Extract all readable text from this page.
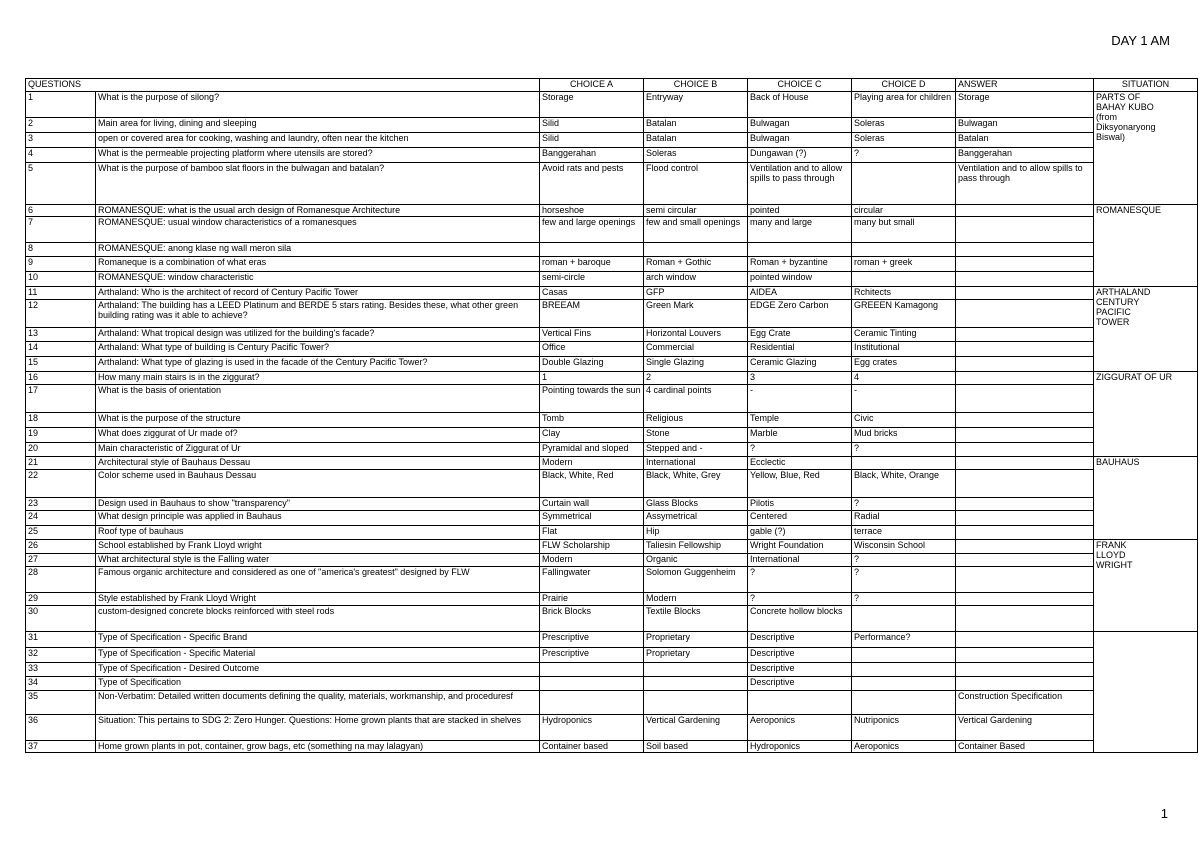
DAY 1 AM
QUESTIONS		CHOICE A	CHOICE B	CHOICE C	CHOICE D	ANSWER	SITUATION
1	What is the purpose of silong?	Storage	Entryway	Back of House	Playing area for children	Storage	PARTS OF
BAHAY KUBO
(from
Diksyonaryong
Biswal)

2	Main area for living, dining and sleeping	Silid	Batalan	Bulwagan	Soleras	Bulwagan	
3	open or covered area for cooking, washing and laundry, often near the kitchen	Silid	Batalan	Bulwagan	Soleras	Batalan	
4	What is the permeable projecting platform where utensils are stored?	Banggerahan	Soleras	Dungawan (?)	?	Banggerahan	
5	What is the purpose of bamboo slat floors in the bulwagan and batalan?	Avoid rats and pests	Flood control	Ventilation and to allow spills to pass through		Ventilation and to allow spills to pass through	
6	ROMANESQUE: what is the usual arch design of Romanesque Architecture	horseshoe	semi circular	pointed	circular		ROMANESQUE

7	ROMANESQUE: usual window characteristics of a romanesques	few and large openings	few and small openings	many and large	many but small		
8	ROMANESQUE: anong klase ng wall meron sila						
9	Romaneque is a combination of what eras	roman + baroque	Roman + Gothic	Roman + byzantine	roman + greek		
10	ROMANESQUE: window characteristic	semi-circle	arch window	pointed window			
11	Arthaland: Who is the architect of record of Century Pacific Tower	Casas	GFP	AIDEA	Rchitects		ARTHALAND
CENTURY
PACIFIC
TOWER

12	Arthaland: The building has a LEED Platinum and BERDE 5 stars rating. Besides these, what other green building rating was it able to achieve?	BREEAM	Green Mark	EDGE Zero Carbon	GREEEN Kamagong		
13	Arthaland: What tropical design was utilized for the building's facade?	Vertical Fins	Horizontal Louvers	Egg Crate	Ceramic Tinting		
14	Arthaland: What type of building is Century Pacific Tower?	Office	Commercial	Residential	Institutional		
15	Arthaland: What type of glazing is used in the facade of the Century Pacific Tower?	Double Glazing	Single Glazing	Ceramic Glazing	Egg crates		
16	How many main stairs is in the ziggurat?	1	2	3	4		ZIGGURAT OF UR

17	What is the basis of orientation	Pointing towards the sun	4 cardinal points	-	-		
18	What is the purpose of the structure	Tomb	Religious	Temple	Civic		
19	What does ziggurat of Ur made of?	Clay	Stone	Marble	Mud bricks		
20	Main characteristic of Ziggurat of Ur	Pyramidal and sloped	Stepped and -	?	?		
21	Architectural style of Bauhaus Dessau	Modern	International	Ecclectic			BAUHAUS

22	Color scheme used in Bauhaus Dessau	Black, White, Red	Black, White, Grey	Yellow, Blue, Red	Black, White, Orange		
23	Design used in Bauhaus to show "transparency"	Curtain wall	Glass Blocks	Pilotis	?		
24	What design principle was applied in Bauhaus	Symmetrical	Assymetrical	Centered	Radial		
25	Roof type of bauhaus	Flat	Hip	gable (?)	terrace		
26	School established by Frank Lloyd wright	FLW Scholarship	Taliesin Fellowship	Wright Foundation	Wisconsin School		FRANK
LLOYD
WRIGHT

27	What architectural style is the Falling water	Modern	Organic	International	?		
28	Famous organic architecture and considered as one of "america's greatest" designed by FLW	Fallingwater	Solomon Guggenheim	?	?		
29	Style established by Frank Lloyd Wright	Prairie	Modern	?	?		
30	custom-designed concrete blocks reinforced with steel rods	Brick Blocks	Textile Blocks	Concrete hollow blocks			
31	Type of Specification - Specific Brand	Prescriptive	Proprietary	Descriptive	Performance?		

32	Type of Specification - Specific Material	Prescriptive	Proprietary	Descriptive			
33	Type of Specification - Desired Outcome			Descriptive			
34	Type of Specification			Descriptive			
35	Non-Verbatim: Detailed written documents defining the quality, materials, workmanship, and proceduresf					Construction Specification	
36	Situation: This pertains to SDG 2: Zero Hunger. Questions: Home grown plants that are stacked in shelves	Hydroponics	Vertical Gardening	Aeroponics	Nutriponics	Vertical Gardening	
37	Home grown plants in pot, container, grow bags, etc (something na may lalagyan)	Container based	Soil based	Hydroponics	Aeroponics	Container Based	
1
